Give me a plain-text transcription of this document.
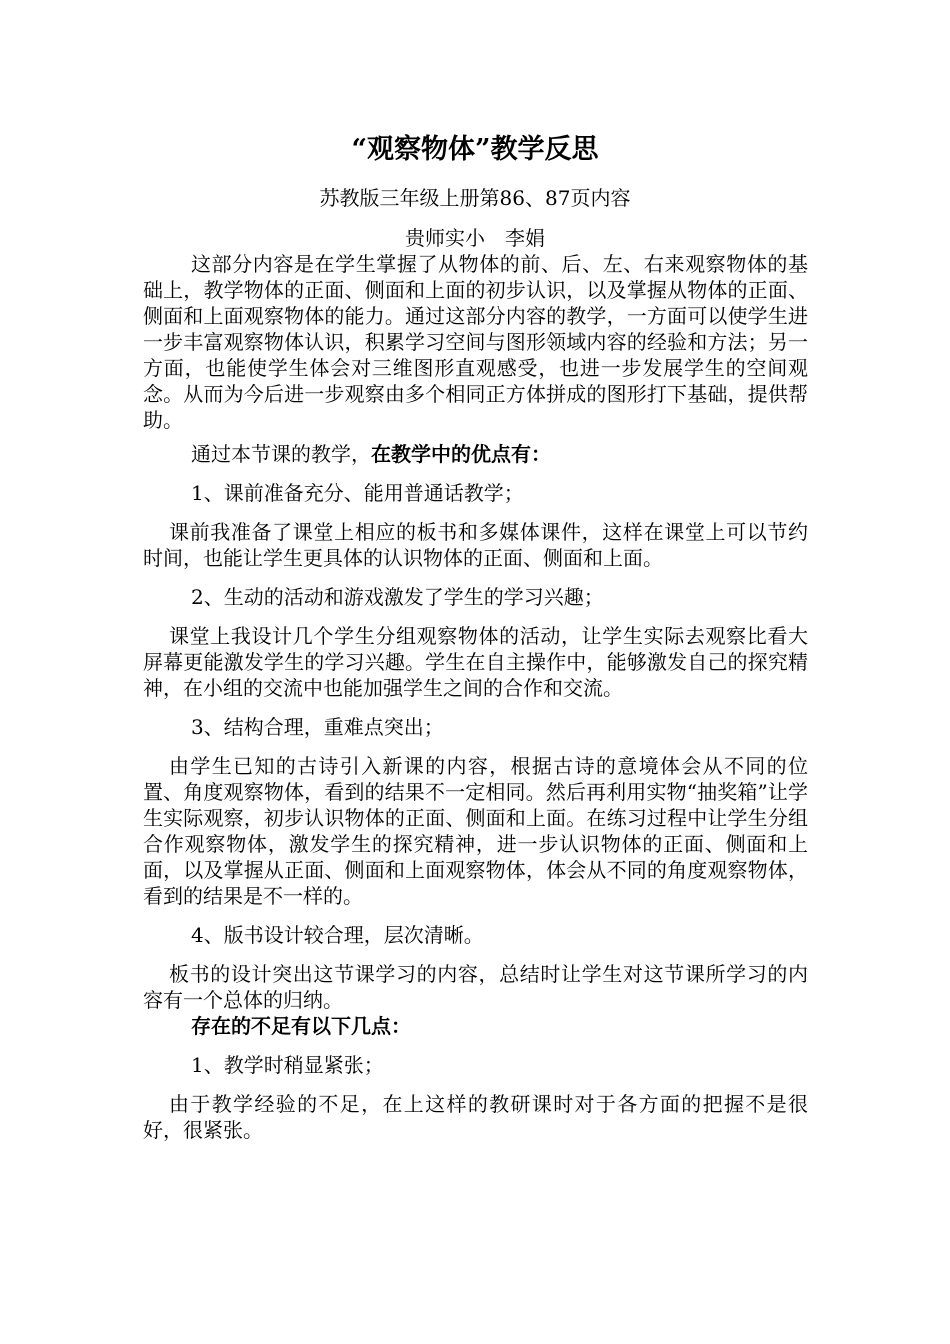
“观察物体”教学反思
苏教版三年级上册第86、87页内容
贵师实小　李娟

这部分内容是在学生掌握了从物体的前、后、左、右来观察物体的基础上，教学物体的正面、侧面和上面的初步认识，以及掌握从物体的正面、侧面和上面观察物体的能力。通过这部分内容的教学，一方面可以使学生进一步丰富观察物体认识，积累学习空间与图形领域内容的经验和方法；另一方面，也能使学生体会对三维图形直观感受，也进一步发展学生的空间观念。从而为今后进一步观察由多个相同正方体拼成的图形打下基础，提供帮助。

通过本节课的教学，在教学中的优点有：

1、课前准备充分、能用普通话教学；

课前我准备了课堂上相应的板书和多媒体课件，这样在课堂上可以节约时间，也能让学生更具体的认识物体的正面、侧面和上面。

2、生动的活动和游戏激发了学生的学习兴趣；

课堂上我设计几个学生分组观察物体的活动，让学生实际去观察比看大屏幕更能激发学生的学习兴趣。学生在自主操作中，能够激发自己的探究精神，在小组的交流中也能加强学生之间的合作和交流。

3、结构合理，重难点突出；

由学生已知的古诗引入新课的内容，根据古诗的意境体会从不同的位置、角度观察物体，看到的结果不一定相同。然后再利用实物“抽奖箱”让学生实际观察，初步认识物体的正面、侧面和上面。在练习过程中让学生分组合作观察物体，激发学生的探究精神，进一步认识物体的正面、侧面和上面，以及掌握从正面、侧面和上面观察物体，体会从不同的角度观察物体，看到的结果是不一样的。

4、版书设计较合理，层次清晰。

板书的设计突出这节课学习的内容，总结时让学生对这节课所学习的内容有一个总体的归纳。

存在的不足有以下几点：

1、教学时稍显紧张；

由于教学经验的不足，在上这样的教研课时对于各方面的把握不是很好，很紧张。
